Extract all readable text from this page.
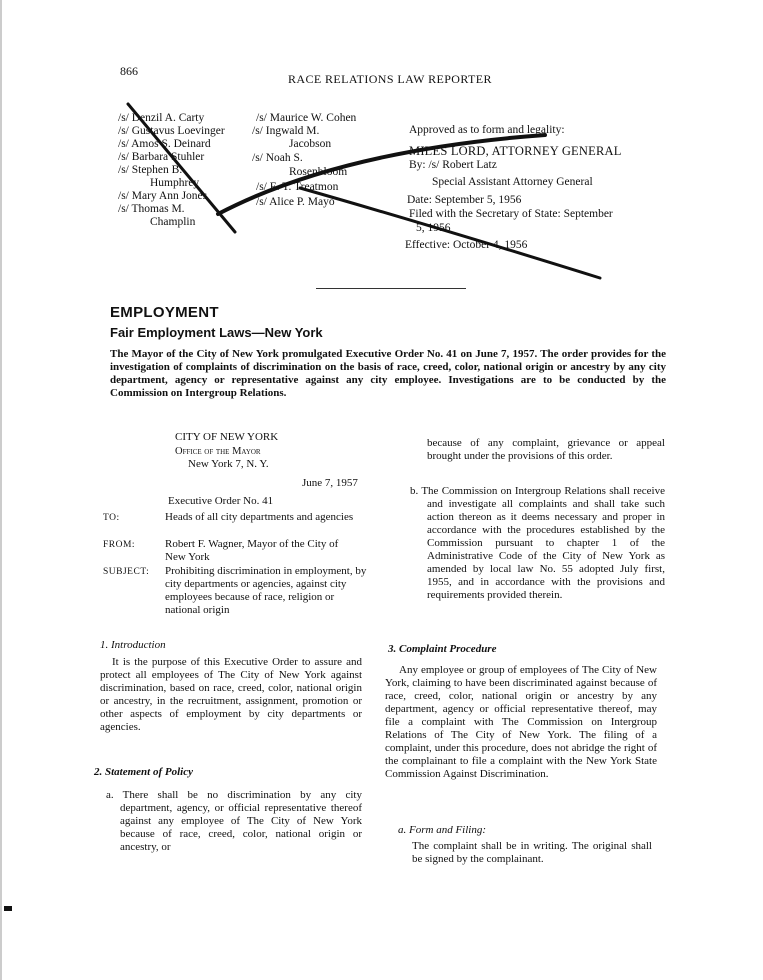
866
RACE RELATIONS LAW REPORTER
/s/ Denzil A. Carty
/s/ Gustavus Loevinger
/s/ Amos S. Deinard
/s/ Barbara Stuhler
/s/ Stephen B.
Humphrey
/s/ Mary Ann Jones
/s/ Thomas M.
Champlin
/s/ Maurice W. Cohen
/s/ Ingwald M.
Jacobson
/s/ Noah S.
Rosenbloom
/s/ E. T. Treatmon
/s/ Alice P. Mayo
Approved as to form and legality:
MILES LORD, ATTORNEY GENERAL
By: /s/ Robert Latz
Special Assistant Attorney General
Date: September 5, 1956
Filed with the Secretary of State: September
5, 1956
Effective: October 4, 1956
EMPLOYMENT
Fair Employment Laws—New York
The Mayor of the City of New York promulgated Executive Order No. 41 on June 7, 1957. The order provides for the investigation of complaints of discrimination on the basis of race, creed, color, national origin or ancestry by any city department, agency or representative against any city employee. Investigations are to be conducted by the Commission on Intergroup Relations.
CITY OF NEW YORK
Office of the Mayor
New York 7, N. Y.
June 7, 1957
Executive Order No. 41
TO:	Heads of all city departments and agencies
FROM:	Robert F. Wagner, Mayor of the City of New York
SUBJECT: Prohibiting discrimination in employment, by city departments or agencies, against city employees because of race, religion or national origin
1. Introduction

It is the purpose of this Executive Order to assure and protect all employees of The City of New York against discrimination, based on race, creed, color, national origin or ancestry, in the recruitment, assignment, promotion or other aspects of employment by city departments or agencies.

2. Statement of Policy

a. There shall be no discrimination by any city department, agency, or official representative thereof against any employee of The City of New York because of race, creed, color, national origin or ancestry, or

because of any complaint, grievance or appeal brought under the provisions of this order.

b. The Commission on Intergroup Relations shall receive and investigate all complaints and shall take such action thereon as it deems necessary and proper in accordance with the procedures established by the Commission pursuant to chapter 1 of the Administrative Code of the City of New York as amended by local law No. 55 adopted July first, 1955, and in accordance with the provisions and requirements provided therein.

3. Complaint Procedure

Any employee or group of employees of The City of New York, claiming to have been discriminated against because of race, creed, color, national origin or ancestry by any department, agency or official representative thereof, may file a complaint with The Commission on Intergroup Relations of The City of New York. The filing of a complaint, under this procedure, does not abridge the right of the complainant to file a complaint with the New York State Commission Against Discrimination.

a. Form and Filing:

The complaint shall be in writing. The original shall be signed by the complainant.
